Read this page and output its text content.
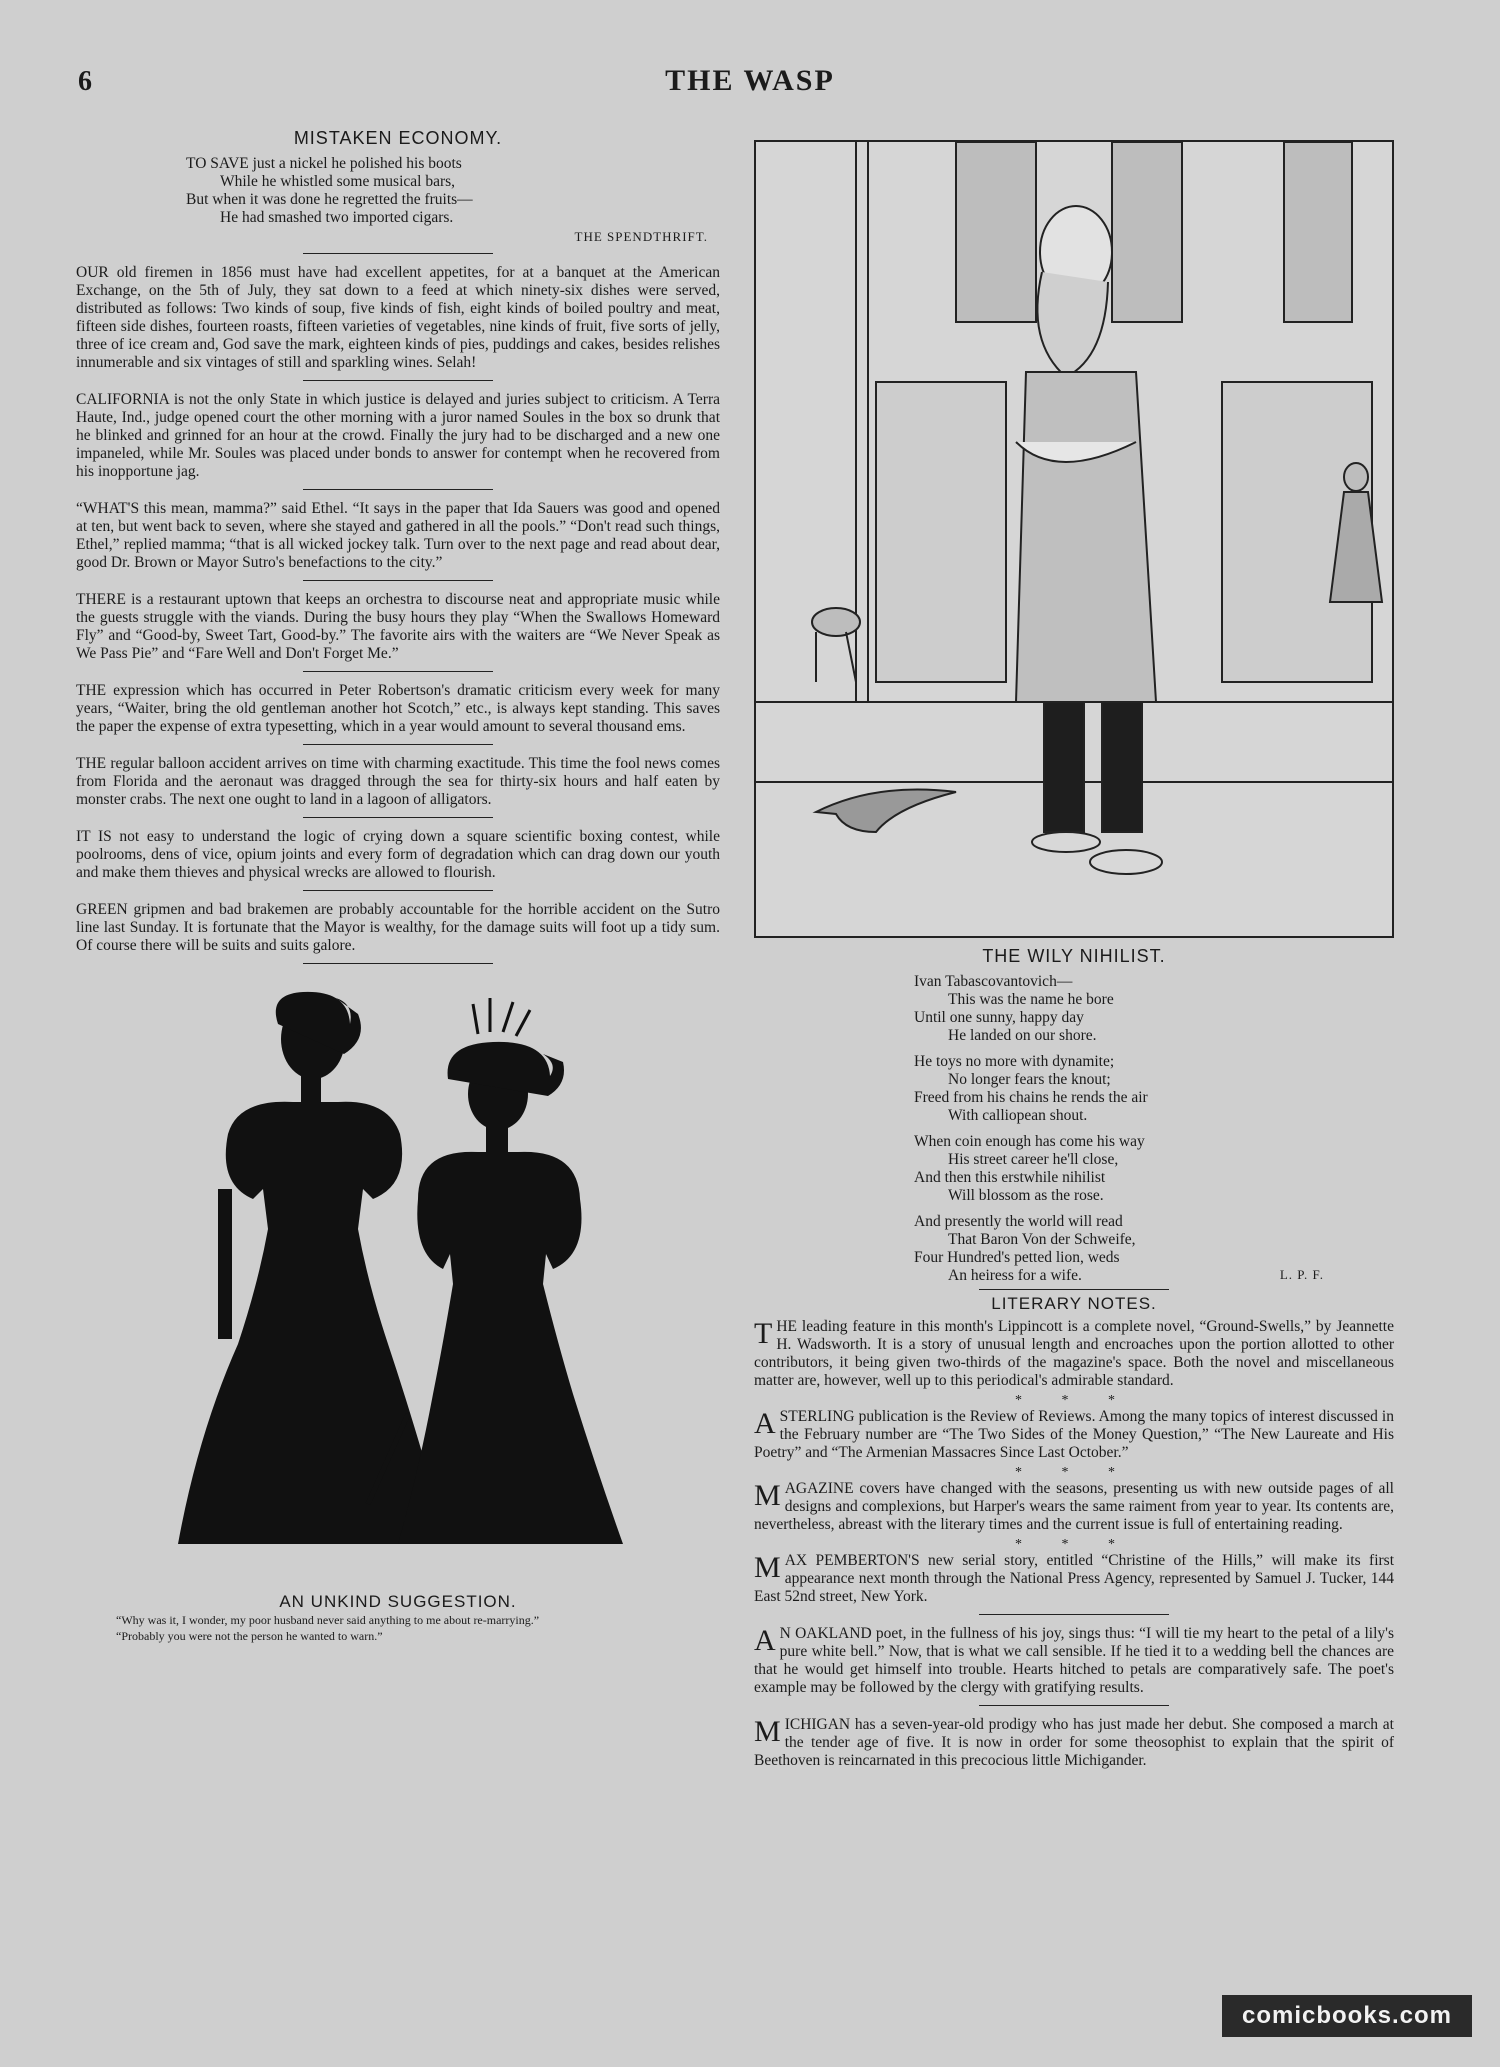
6	THE WASP
MISTAKEN ECONOMY.
TO SAVE just a nickel he polished his boots
While he whistled some musical bars,
But when it was done he regretted the fruits—
He had smashed two imported cigars.
THE SPENDTHRIFT.

OUR old firemen in 1856 must have had excellent appetites, for at a banquet at the American Exchange, on the 5th of July, they sat down to a feed at which ninety-six dishes were served, distributed as follows: Two kinds of soup, five kinds of fish, eight kinds of boiled poultry and meat, fifteen side dishes, fourteen roasts, fifteen varieties of vegetables, nine kinds of fruit, five sorts of jelly, three of ice cream and, God save the mark, eighteen kinds of pies, puddings and cakes, besides relishes innumerable and six vintages of still and sparkling wines. Selah!

CALIFORNIA is not the only State in which justice is delayed and juries subject to criticism. A Terra Haute, Ind., judge opened court the other morning with a juror named Soules in the box so drunk that he blinked and grinned for an hour at the crowd. Finally the jury had to be discharged and a new one impaneled, while Mr. Soules was placed under bonds to answer for contempt when he recovered from his inopportune jag.

“WHAT'S this mean, mamma?” said Ethel. “It says in the paper that Ida Sauers was good and opened at ten, but went back to seven, where she stayed and gathered in all the pools.” “Don't read such things, Ethel,” replied mamma; “that is all wicked jockey talk. Turn over to the next page and read about dear, good Dr. Brown or Mayor Sutro's benefactions to the city.”

THERE is a restaurant uptown that keeps an orchestra to discourse neat and appropriate music while the guests struggle with the viands. During the busy hours they play “When the Swallows Homeward Fly” and “Good-by, Sweet Tart, Good-by.” The favorite airs with the waiters are “We Never Speak as We Pass Pie” and “Fare Well and Don't Forget Me.”

THE expression which has occurred in Peter Robertson's dramatic criticism every week for many years, “Waiter, bring the old gentleman another hot Scotch,” etc., is always kept standing. This saves the paper the expense of extra typesetting, which in a year would amount to several thousand ems.

THE regular balloon accident arrives on time with charming exactitude. This time the fool news comes from Florida and the aeronaut was dragged through the sea for thirty-six hours and half eaten by monster crabs. The next one ought to land in a lagoon of alligators.

IT IS not easy to understand the logic of crying down a square scientific boxing contest, while poolrooms, dens of vice, opium joints and every form of degradation which can drag down our youth and make them thieves and physical wrecks are allowed to flourish.

GREEN gripmen and bad brakemen are probably accountable for the horrible accident on the Sutro line last Sunday. It is fortunate that the Mayor is wealthy, for the damage suits will foot up a tidy sum. Of course there will be suits and suits galore.

AN UNKIND SUGGESTION.
“Why was it, I wonder, my poor husband never said anything to me about re-marrying.”
“Probably you were not the person he wanted to warn.”
THE WILY NIHILIST.
Ivan Tabascovantovich—
This was the name he bore
Until one sunny, happy day
He landed on our shore.
He toys no more with dynamite;
No longer fears the knout;
Freed from his chains he rends the air
With calliopean shout.
When coin enough has come his way
His street career he'll close,
And then this erstwhile nihilist
Will blossom as the rose.
And presently the world will read
That Baron Von der Schweife,
Four Hundred's petted lion, weds
An heiress for a wife.	L. P. F.
LITERARY NOTES.

THE leading feature in this month's Lippincott is a complete novel, “Ground-Swells,” by Jeannette H. Wadsworth. It is a story of unusual length and encroaches upon the portion allotted to other contributors, it being given two-thirds of the magazine's space. Both the novel and miscellaneous matter are, however, well up to this periodical's admirable standard.

* * *

A STERLING publication is the Review of Reviews. Among the many topics of interest discussed in the February number are “The Two Sides of the Money Question,” “The New Laureate and His Poetry” and “The Armenian Massacres Since Last October.”

* * *

MAGAZINE covers have changed with the seasons, presenting us with new outside pages of all designs and complexions, but Harper's wears the same raiment from year to year. Its contents are, nevertheless, abreast with the literary times and the current issue is full of entertaining reading.

* * *

MAX PEMBERTON'S new serial story, entitled “Christine of the Hills,” will make its first appearance next month through the National Press Agency, represented by Samuel J. Tucker, 144 East 52nd street, New York.

A N OAKLAND poet, in the fullness of his joy, sings thus: “I will tie my heart to the petal of a lily's pure white bell.” Now, that is what we call sensible. If he tied it to a wedding bell the chances are that he would get himself into trouble. Hearts hitched to petals are comparatively safe. The poet's example may be followed by the clergy with gratifying results.

MICHIGAN has a seven-year-old prodigy who has just made her debut. She composed a march at the tender age of five. It is now in order for some theosophist to explain that the spirit of Beethoven is reincarnated in this precocious little Michigander.

comicbooks.com
